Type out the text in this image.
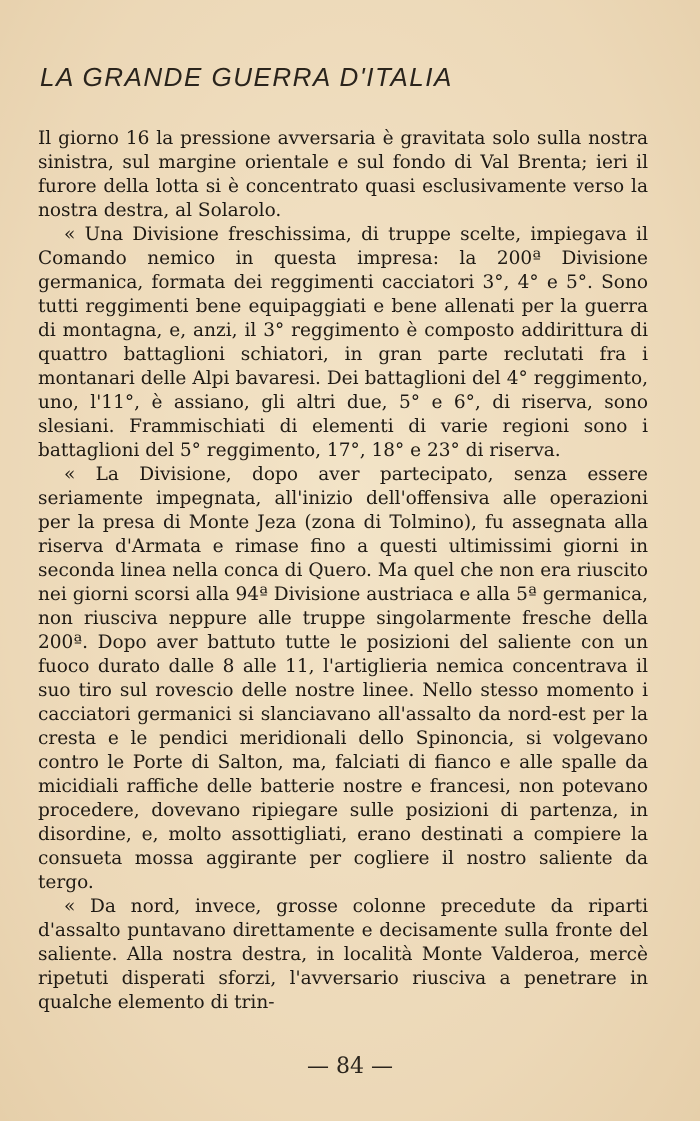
LA GRANDE GUERRA D'ITALIA

Il giorno 16 la pressione avversaria è gravitata solo sulla nostra sinistra, sul margine orientale e sul fondo di Val Brenta; ieri il furore della lotta si è concentrato quasi esclusivamente verso la nostra destra, al Solarolo.

« Una Divisione freschissima, di truppe scelte, impiegava il Comando nemico in questa impresa: la 200ª Divisione germanica, formata dei reggimenti cacciatori 3°, 4° e 5°. Sono tutti reggimenti bene equipaggiati e bene allenati per la guerra di montagna, e, anzi, il 3° reggimento è composto addirittura di quattro battaglioni schiatori, in gran parte reclutati fra i montanari delle Alpi bavaresi. Dei battaglioni del 4° reggimento, uno, l'11°, è assiano, gli altri due, 5° e 6°, di riserva, sono slesiani. Frammischiati di elementi di varie regioni sono i battaglioni del 5° reggimento, 17°, 18° e 23° di riserva.

« La Divisione, dopo aver partecipato, senza essere seriamente impegnata, all'inizio dell'offensiva alle operazioni per la presa di Monte Jeza (zona di Tolmino), fu assegnata alla riserva d'Armata e rimase fino a questi ultimissimi giorni in seconda linea nella conca di Quero. Ma quel che non era riuscito nei giorni scorsi alla 94ª Divisione austriaca e alla 5ª germanica, non riusciva neppure alle truppe singolarmente fresche della 200ª. Dopo aver battuto tutte le posizioni del saliente con un fuoco durato dalle 8 alle 11, l'artiglieria nemica concentrava il suo tiro sul rovescio delle nostre linee. Nello stesso momento i cacciatori germanici si slanciavano all'assalto da nord-est per la cresta e le pendici meridionali dello Spinoncia, si volgevano contro le Porte di Salton, ma, falciati di fianco e alle spalle da micidiali raffiche delle batterie nostre e francesi, non potevano procedere, dovevano ripiegare sulle posizioni di partenza, in disordine, e, molto assottigliati, erano destinati a compiere la consueta mossa aggirante per cogliere il nostro saliente da tergo.

« Da nord, invece, grosse colonne precedute da riparti d'assalto puntavano direttamente e decisamente sulla fronte del saliente. Alla nostra destra, in località Monte Valderoa, mercè ripetuti disperati sforzi, l'avversario riusciva a penetrare in qualche elemento di trin-

— 84 —
